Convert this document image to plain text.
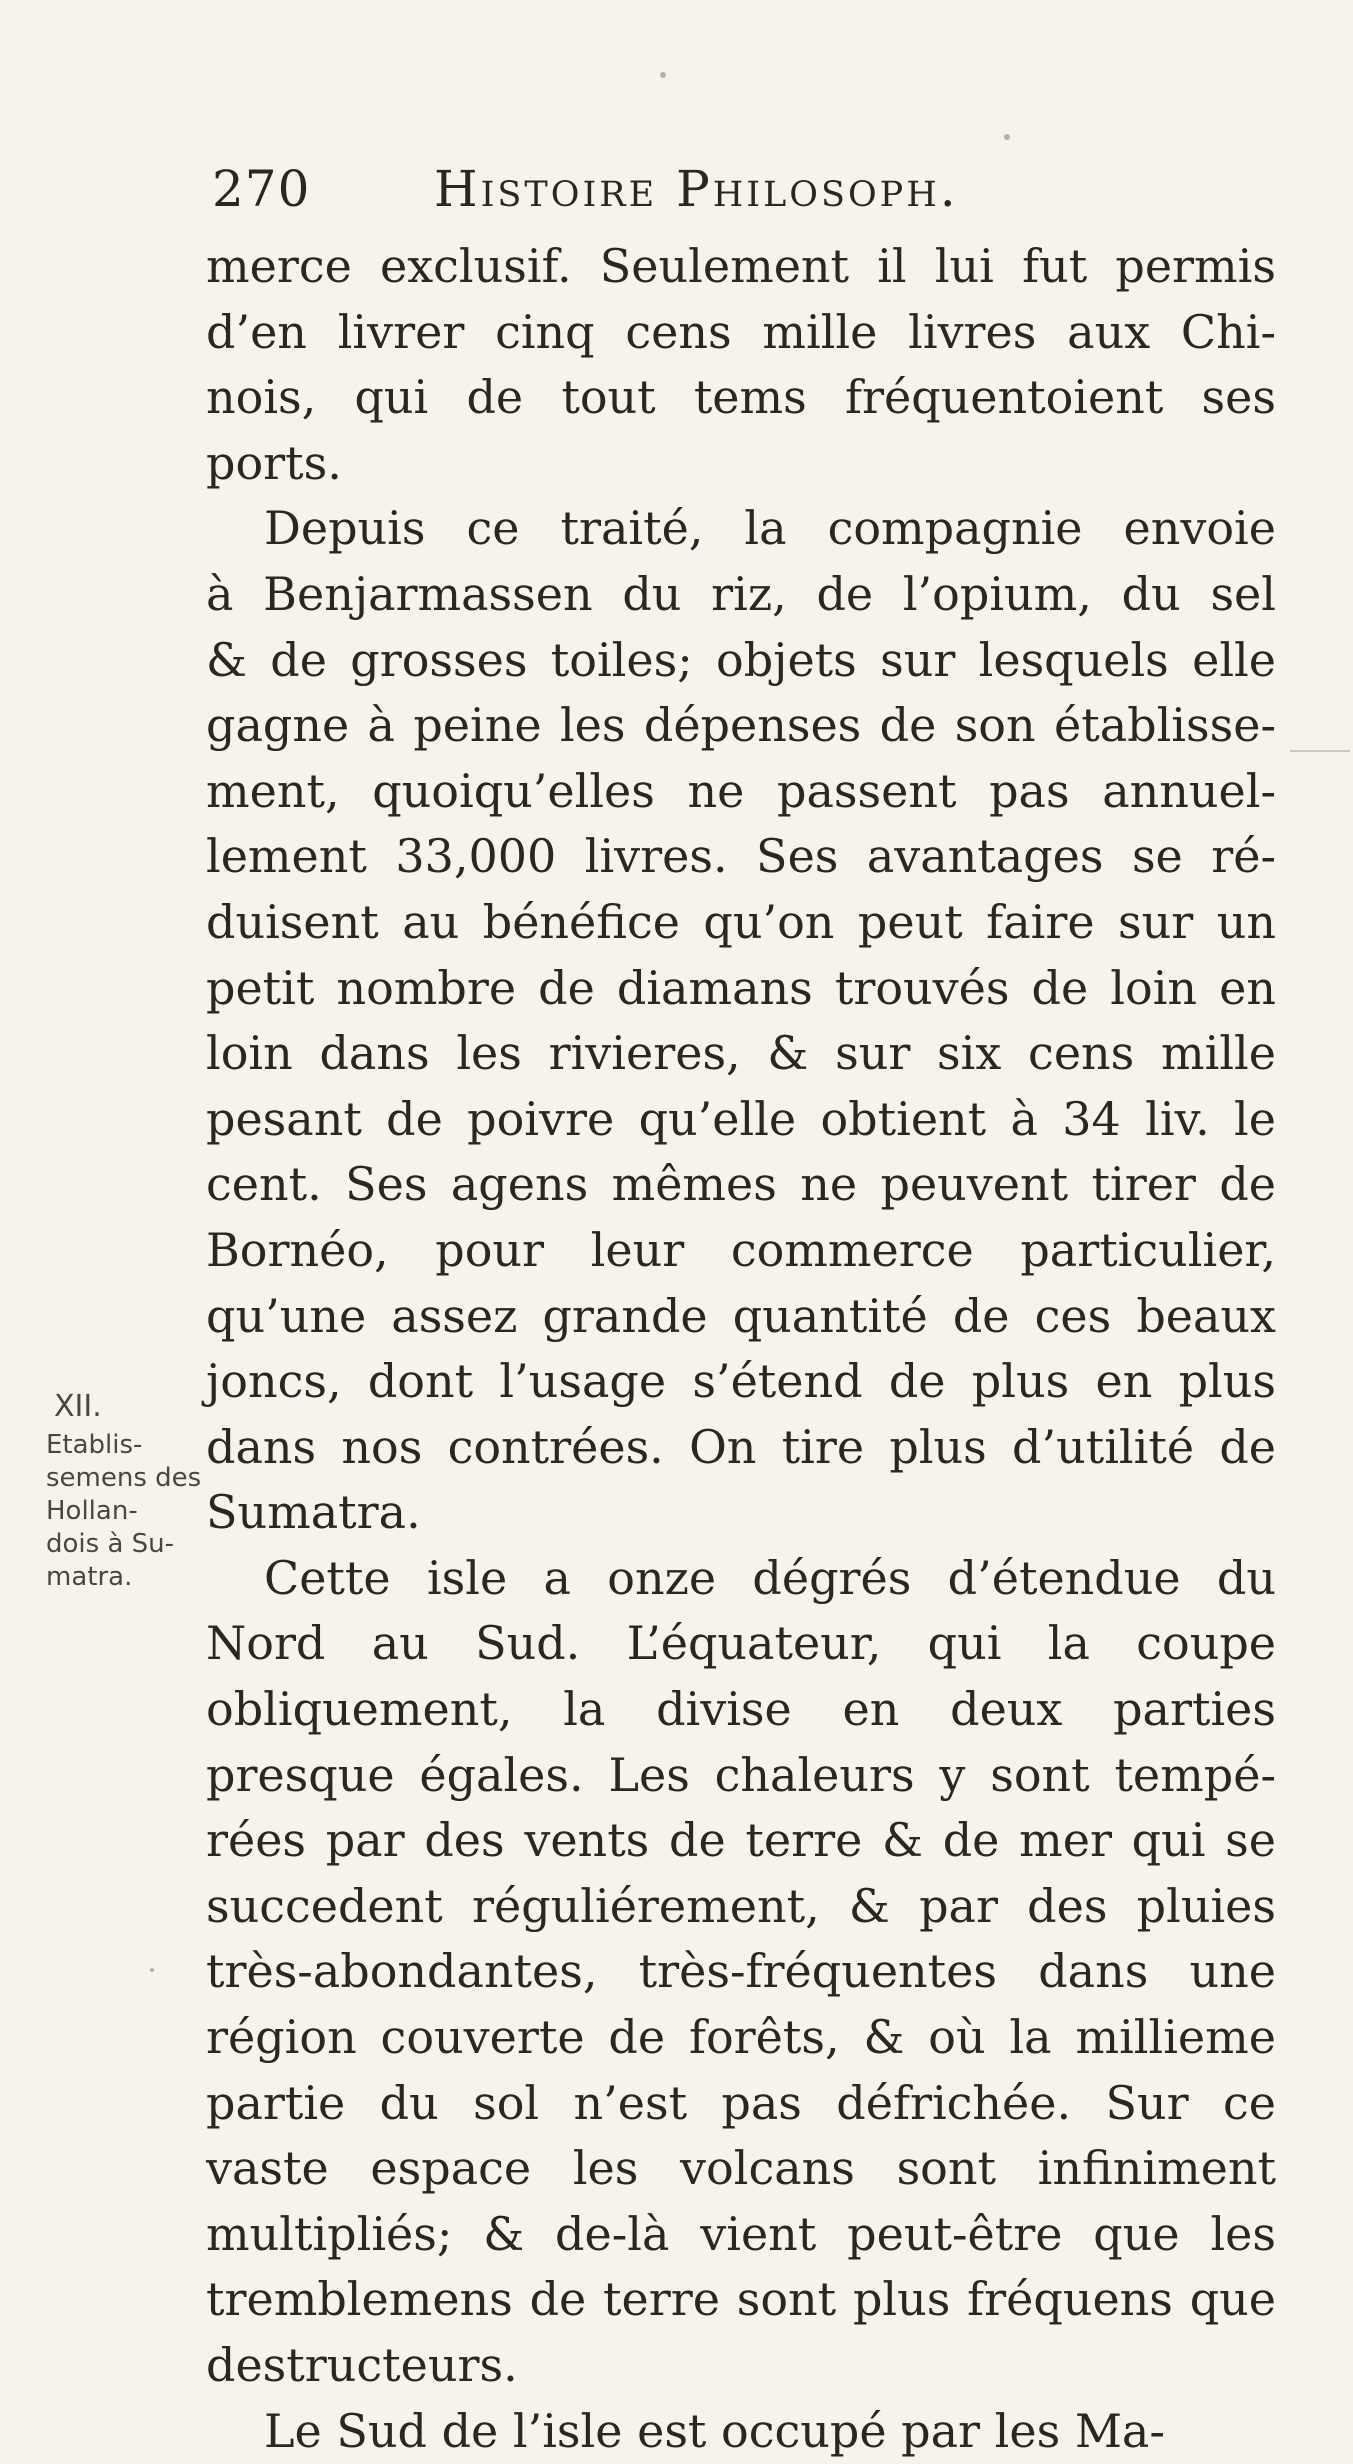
270 Histoire Philosoph.
merce exclusif. Seulement il lui fut permis
d’en livrer cinq cens mille livres aux Chi-
nois, qui de tout tems fréquentoient ses
ports.
Depuis ce traité, la compagnie envoie
à Benjarmassen du riz, de l’opium, du sel
& de grosses toiles; objets sur lesquels elle
gagne à peine les dépenses de son établisse-
ment, quoiqu’elles ne passent pas annuel-
lement 33,000 livres. Ses avantages se ré-
duisent au bénéfice qu’on peut faire sur un
petit nombre de diamans trouvés de loin en
loin dans les rivieres, & sur six cens mille
pesant de poivre qu’elle obtient à 34 liv. le
cent. Ses agens mêmes ne peuvent tirer de
Bornéo, pour leur commerce particulier,
qu’une assez grande quantité de ces beaux
joncs, dont l’usage s’étend de plus en plus
dans nos contrées. On tire plus d’utilité de
Sumatra.
Cette isle a onze dégrés d’étendue du
Nord au Sud. L’équateur, qui la coupe
obliquement, la divise en deux parties
presque égales. Les chaleurs y sont tempé-
rées par des vents de terre & de mer qui se
succedent réguliérement, & par des pluies
très-abondantes, très-fréquentes dans une
région couverte de forêts, & où la millieme
partie du sol n’est pas défrichée. Sur ce
vaste espace les volcans sont infiniment
multipliés; & de-là vient peut-être que les
tremblemens de terre sont plus fréquens que
destructeurs.
Le Sud de l’isle est occupé par les Ma-
XII.
Etablis-
semens des
Hollan-
dois à Su-
matra.
